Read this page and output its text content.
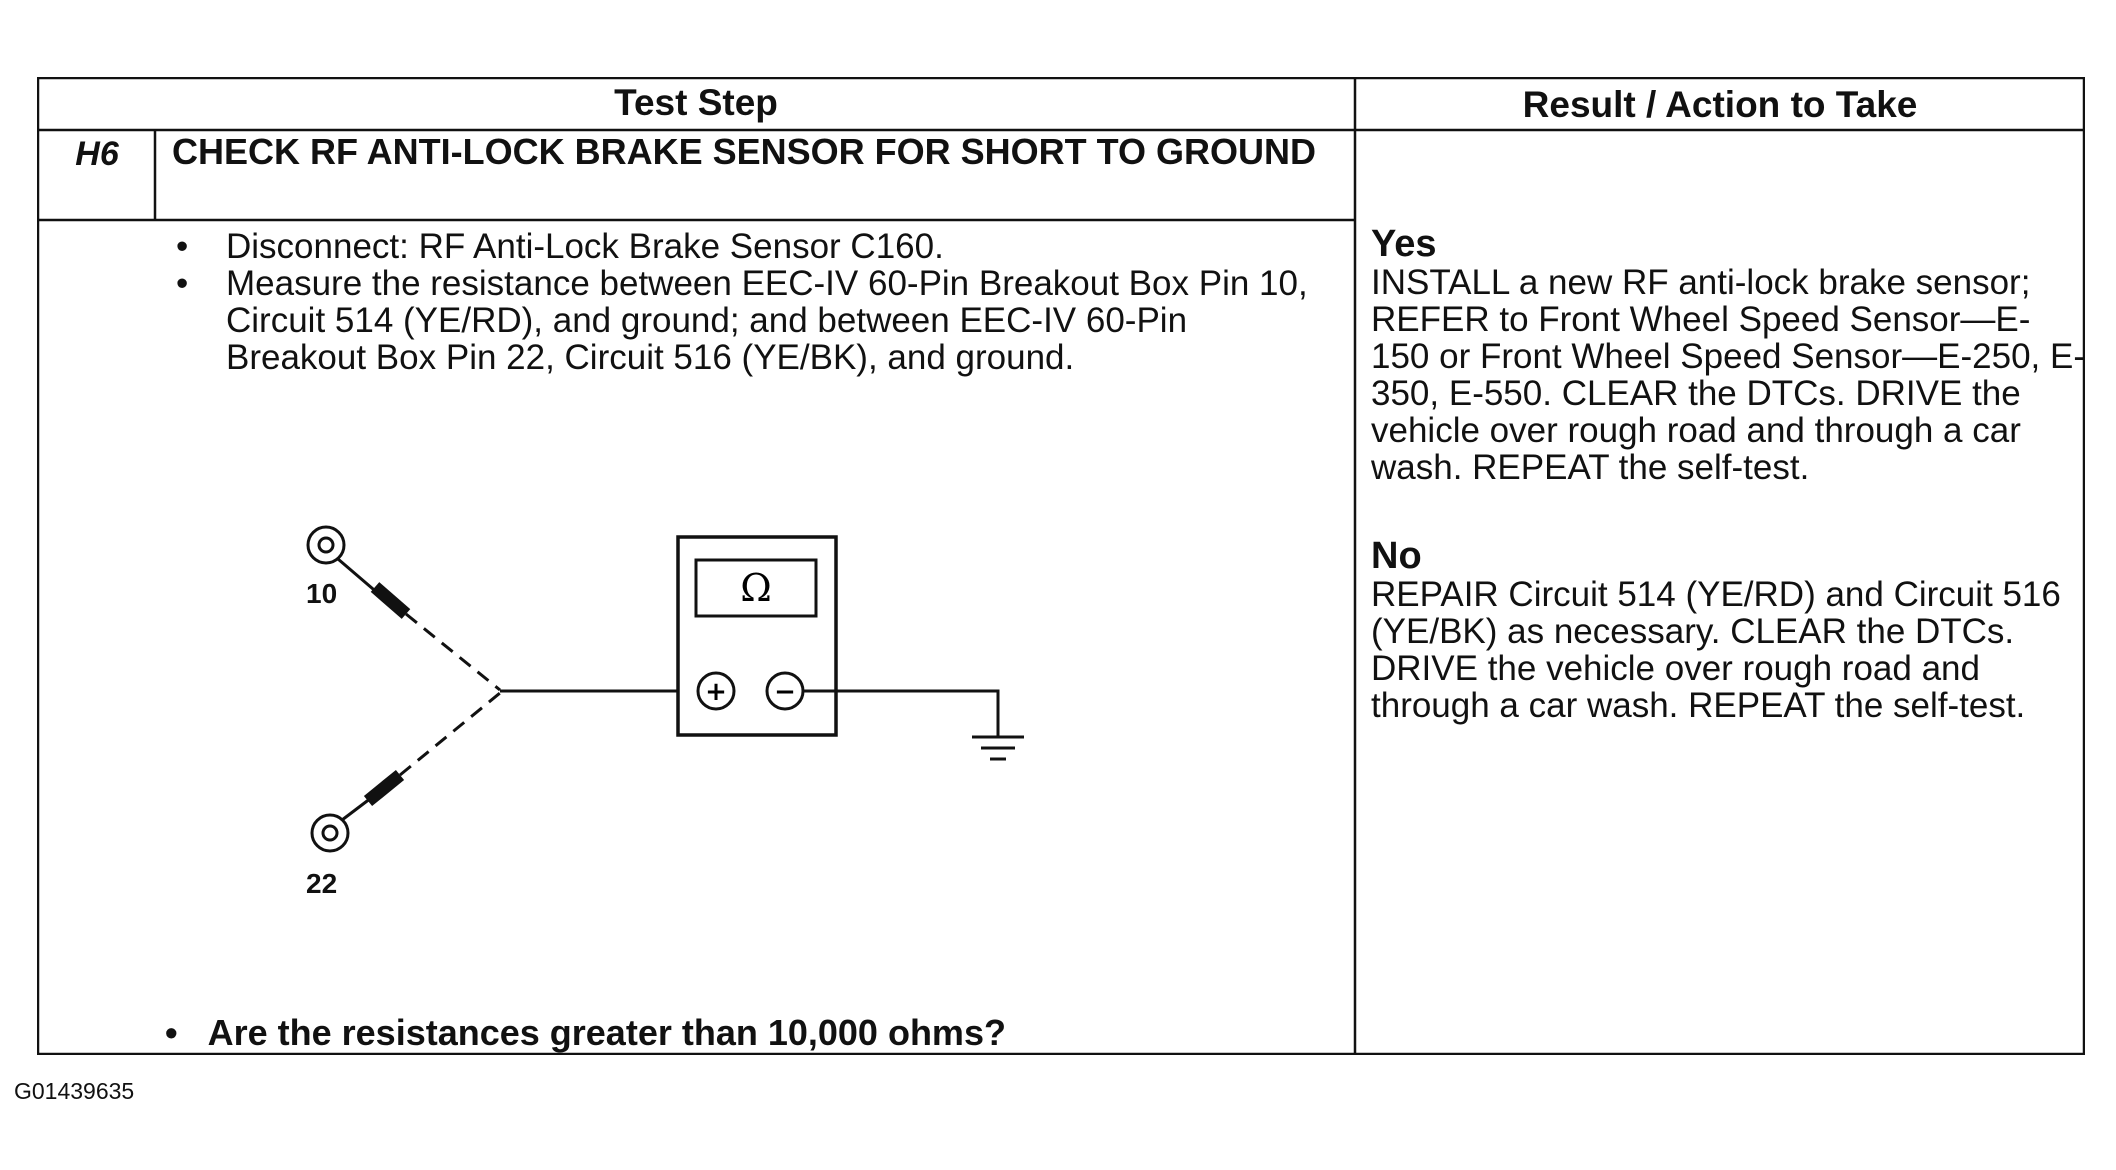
Test Step	Result / Action to Take
H6	CHECK RF ANTI-LOCK BRAKE SENSOR FOR SHORT TO GROUND
• Disconnect: RF Anti-Lock Brake Sensor C160.
• Measure the resistance between EEC-IV 60-Pin Breakout Box Pin 10, Circuit 514 (YE/RD), and ground; and between EEC-IV 60-Pin Breakout Box Pin 22, Circuit 516 (YE/BK), and ground.
Ω
+ −
10
22
• Are the resistances greater than 10,000 ohms?
Yes
INSTALL a new RF anti-lock brake sensor; REFER to Front Wheel Speed Sensor—E-150 or Front Wheel Speed Sensor—E-250, E-350, E-550. CLEAR the DTCs. DRIVE the vehicle over rough road and through a car wash. REPEAT the self-test.
No
REPAIR Circuit 514 (YE/RD) and Circuit 516 (YE/BK) as necessary. CLEAR the DTCs. DRIVE the vehicle over rough road and through a car wash. REPEAT the self-test.
G01439635
